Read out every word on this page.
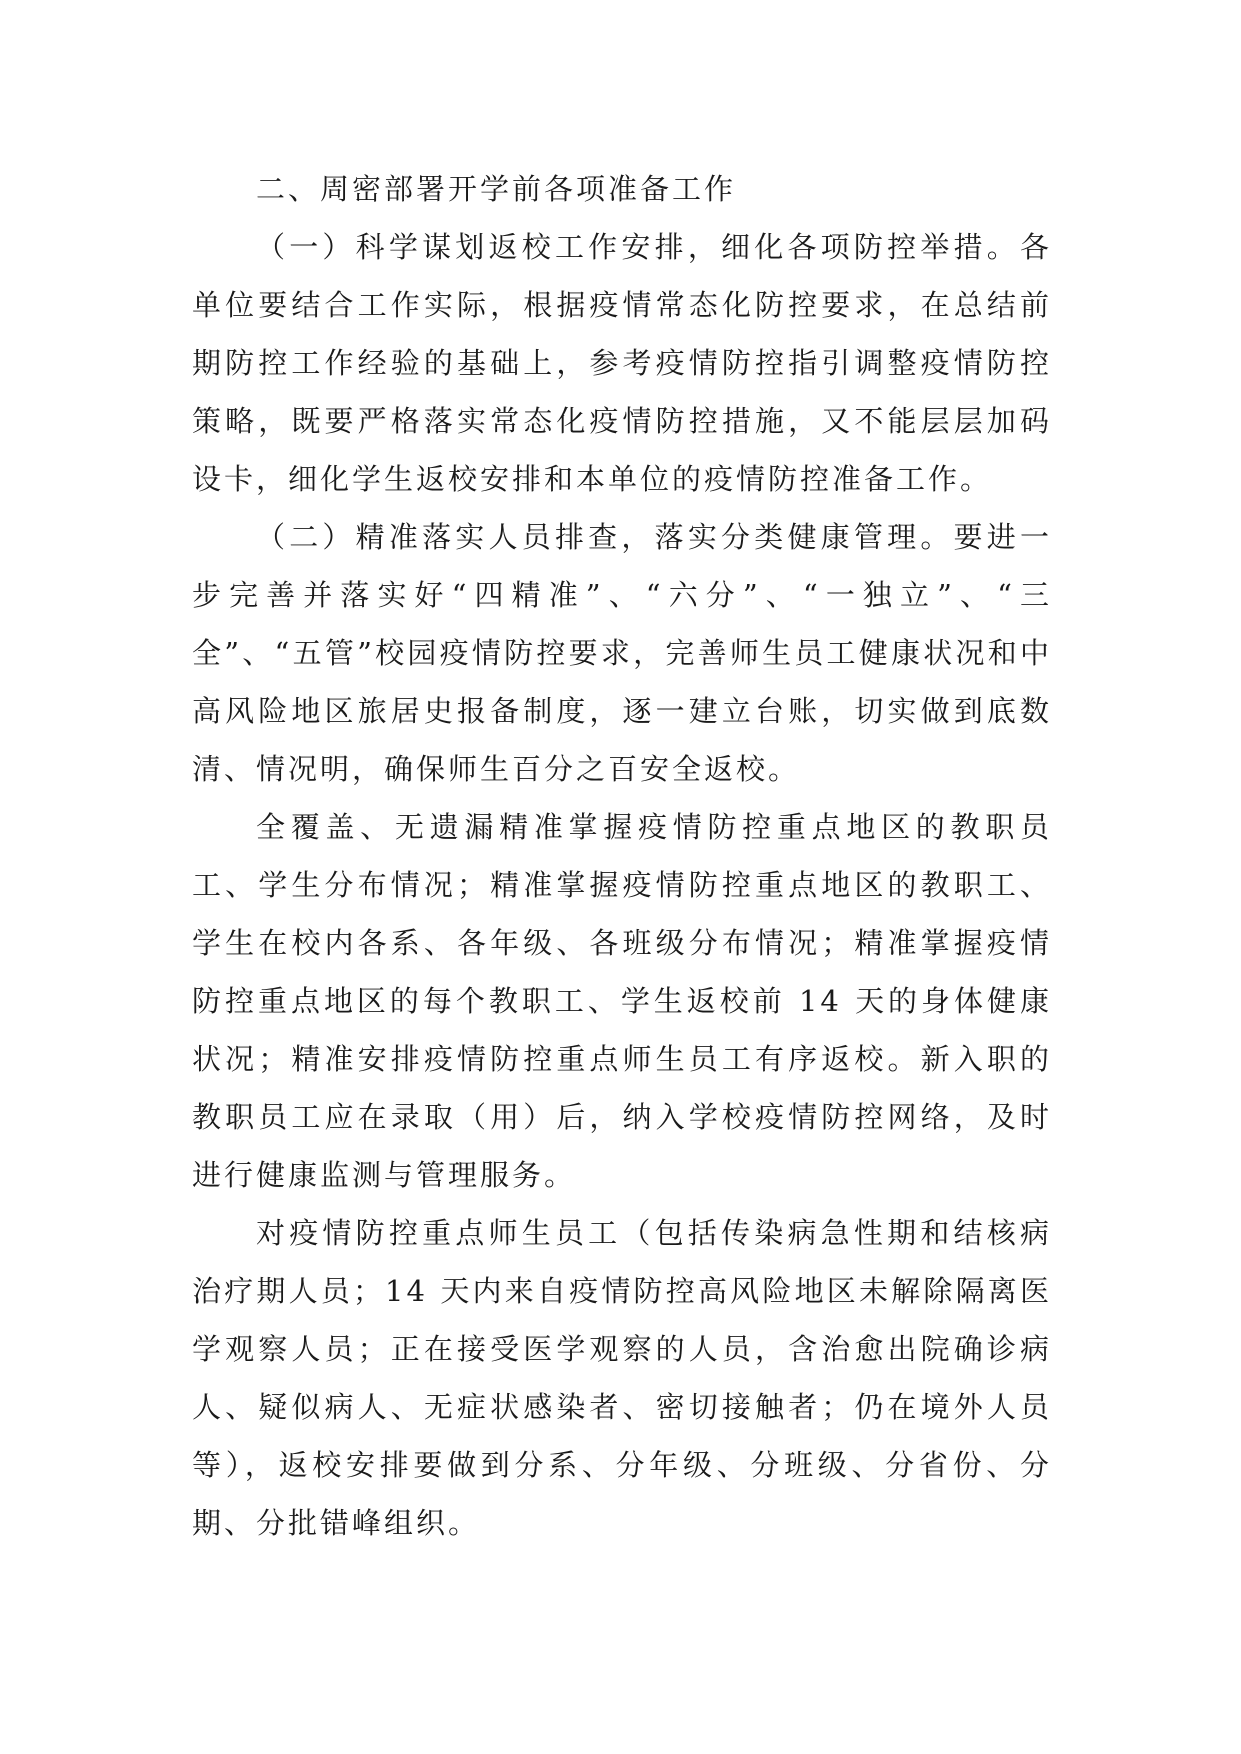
二、周密部署开学前各项准备工作

（一）科学谋划返校工作安排，细化各项防控举措。各单位要结合工作实际，根据疫情常态化防控要求，在总结前期防控工作经验的基础上，参考疫情防控指引调整疫情防控策略，既要严格落实常态化疫情防控措施，又不能层层加码设卡，细化学生返校安排和本单位的疫情防控准备工作。

（二）精准落实人员排查，落实分类健康管理。要进一步完善并落实好“四精准”、“六分”、“一独立”、“三全”、“五管”校园疫情防控要求，完善师生员工健康状况和中高风险地区旅居史报备制度，逐一建立台账，切实做到底数清、情况明，确保师生百分之百安全返校。

全覆盖、无遗漏精准掌握疫情防控重点地区的教职员工、学生分布情况；精准掌握疫情防控重点地区的教职工、学生在校内各系、各年级、各班级分布情况；精准掌握疫情防控重点地区的每个教职工、学生返校前 14 天的身体健康状况；精准安排疫情防控重点师生员工有序返校。新入职的教职员工应在录取（用）后，纳入学校疫情防控网络，及时进行健康监测与管理服务。

对疫情防控重点师生员工（包括传染病急性期和结核病治疗期人员；14 天内来自疫情防控高风险地区未解除隔离医学观察人员；正在接受医学观察的人员，含治愈出院确诊病人、疑似病人、无症状感染者、密切接触者；仍在境外人员等），返校安排要做到分系、分年级、分班级、分省份、分期、分批错峰组织。
